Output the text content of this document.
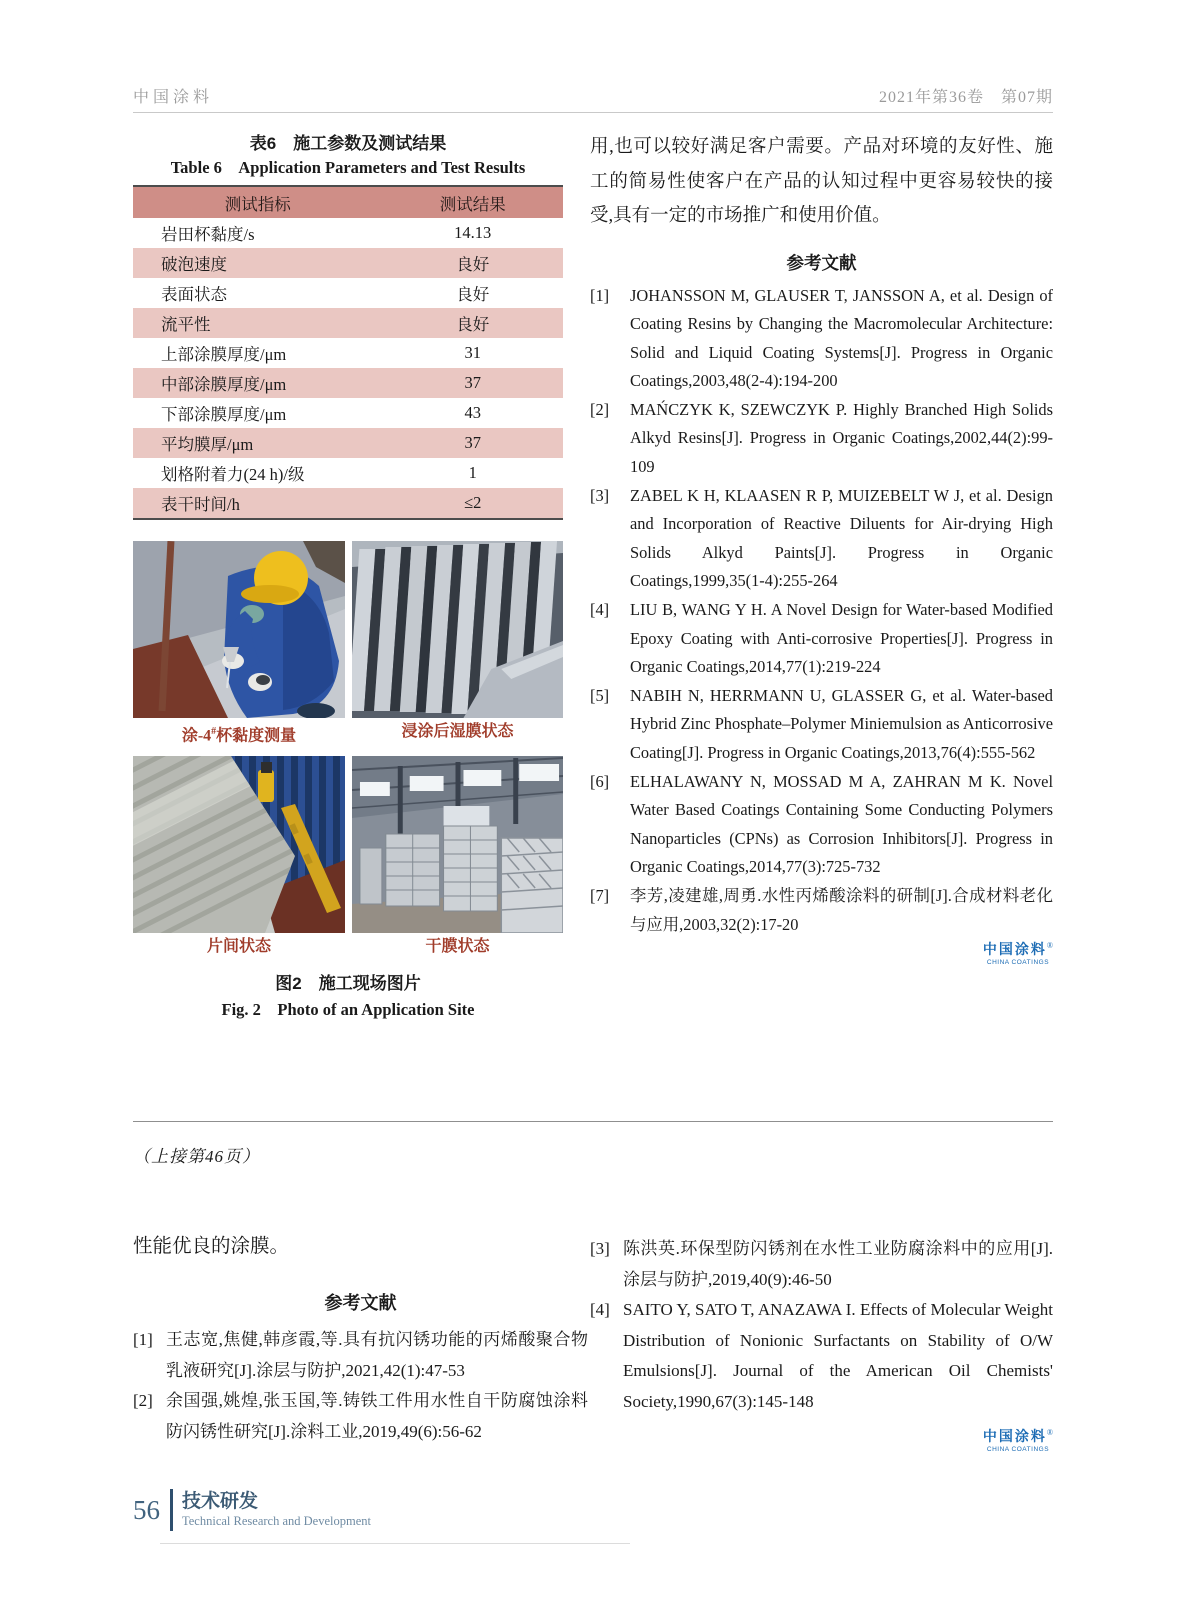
中国涂料	2021年第36卷　第07期
表6　施工参数及测试结果
Table 6 Application Parameters and Test Results
测试指标	测试结果
岩田杯黏度/s	14.13
破泡速度	良好
表面状态	良好
流平性	良好
上部涂膜厚度/μm	31
中部涂膜厚度/μm	37
下部涂膜厚度/μm	43
平均膜厚/μm	37
划格附着力(24 h)/级	1
表干时间/h	≤2
涂-4#杯黏度测量	浸涂后湿膜状态
片间状态	干膜状态
图2　施工现场图片
Fig. 2 Photo of an Application Site

用,也可以较好满足客户需要。产品对环境的友好性、施工的简易性使客户在产品的认知过程中更容易较快的接受,具有一定的市场推广和使用价值。

参考文献
[1]	JOHANSSON M, GLAUSER T, JANSSON A, et al. Design of Coating Resins by Changing the Macromolecular Architecture: Solid and Liquid Coating Systems[J]. Progress in Organic Coatings,2003,48(2-4):194-200
[2]	MAŃCZYK K, SZEWCZYK P. Highly Branched High Solids Alkyd Resins[J]. Progress in Organic Coatings,2002,44(2):99-109
[3]	ZABEL K H, KLAASEN R P, MUIZEBELT W J, et al. Design and Incorporation of Reactive Diluents for Air-drying High Solids Alkyd Paints[J]. Progress in Organic Coatings,1999,35(1-4):255-264
[4]	LIU B, WANG Y H. A Novel Design for Water-based Modified Epoxy Coating with Anti-corrosive Properties[J]. Progress in Organic Coatings,2014,77(1):219-224
[5]	NABIH N, HERRMANN U, GLASSER G, et al. Water-based Hybrid Zinc Phosphate–Polymer Miniemulsion as Anticorrosive Coating[J]. Progress in Organic Coatings,2013,76(4):555-562
[6]	ELHALAWANY N, MOSSAD M A, ZAHRAN M K. Novel Water Based Coatings Containing Some Conducting Polymers Nanoparticles (CPNs) as Corrosion Inhibitors[J]. Progress in Organic Coatings,2014,77(3):725-732
[7]	李芳,凌建雄,周勇.水性丙烯酸涂料的研制[J].合成材料老化与应用,2003,32(2):17-20
中国涂料®
CHINA COATINGS
（上接第46页）

性能优良的涂膜。

参考文献
[1] 王志宽,焦健,韩彦霞,等.具有抗闪锈功能的丙烯酸聚合物乳液研究[J].涂层与防护,2021,42(1):47-53
[2] 余国强,姚煌,张玉国,等.铸铁工件用水性自干防腐蚀涂料防闪锈性研究[J].涂料工业,2019,49(6):56-62
[3] 陈洪英.环保型防闪锈剂在水性工业防腐涂料中的应用[J].涂层与防护,2019,40(9):46-50
[4] SAITO Y, SATO T, ANAZAWA I. Effects of Molecular Weight Distribution of Nonionic Surfactants on Stability of O/W Emulsions[J]. Journal of the American Oil Chemists' Society,1990,67(3):145-148
中国涂料®
CHINA COATINGS
56	技术研发
Technical Research and Development
